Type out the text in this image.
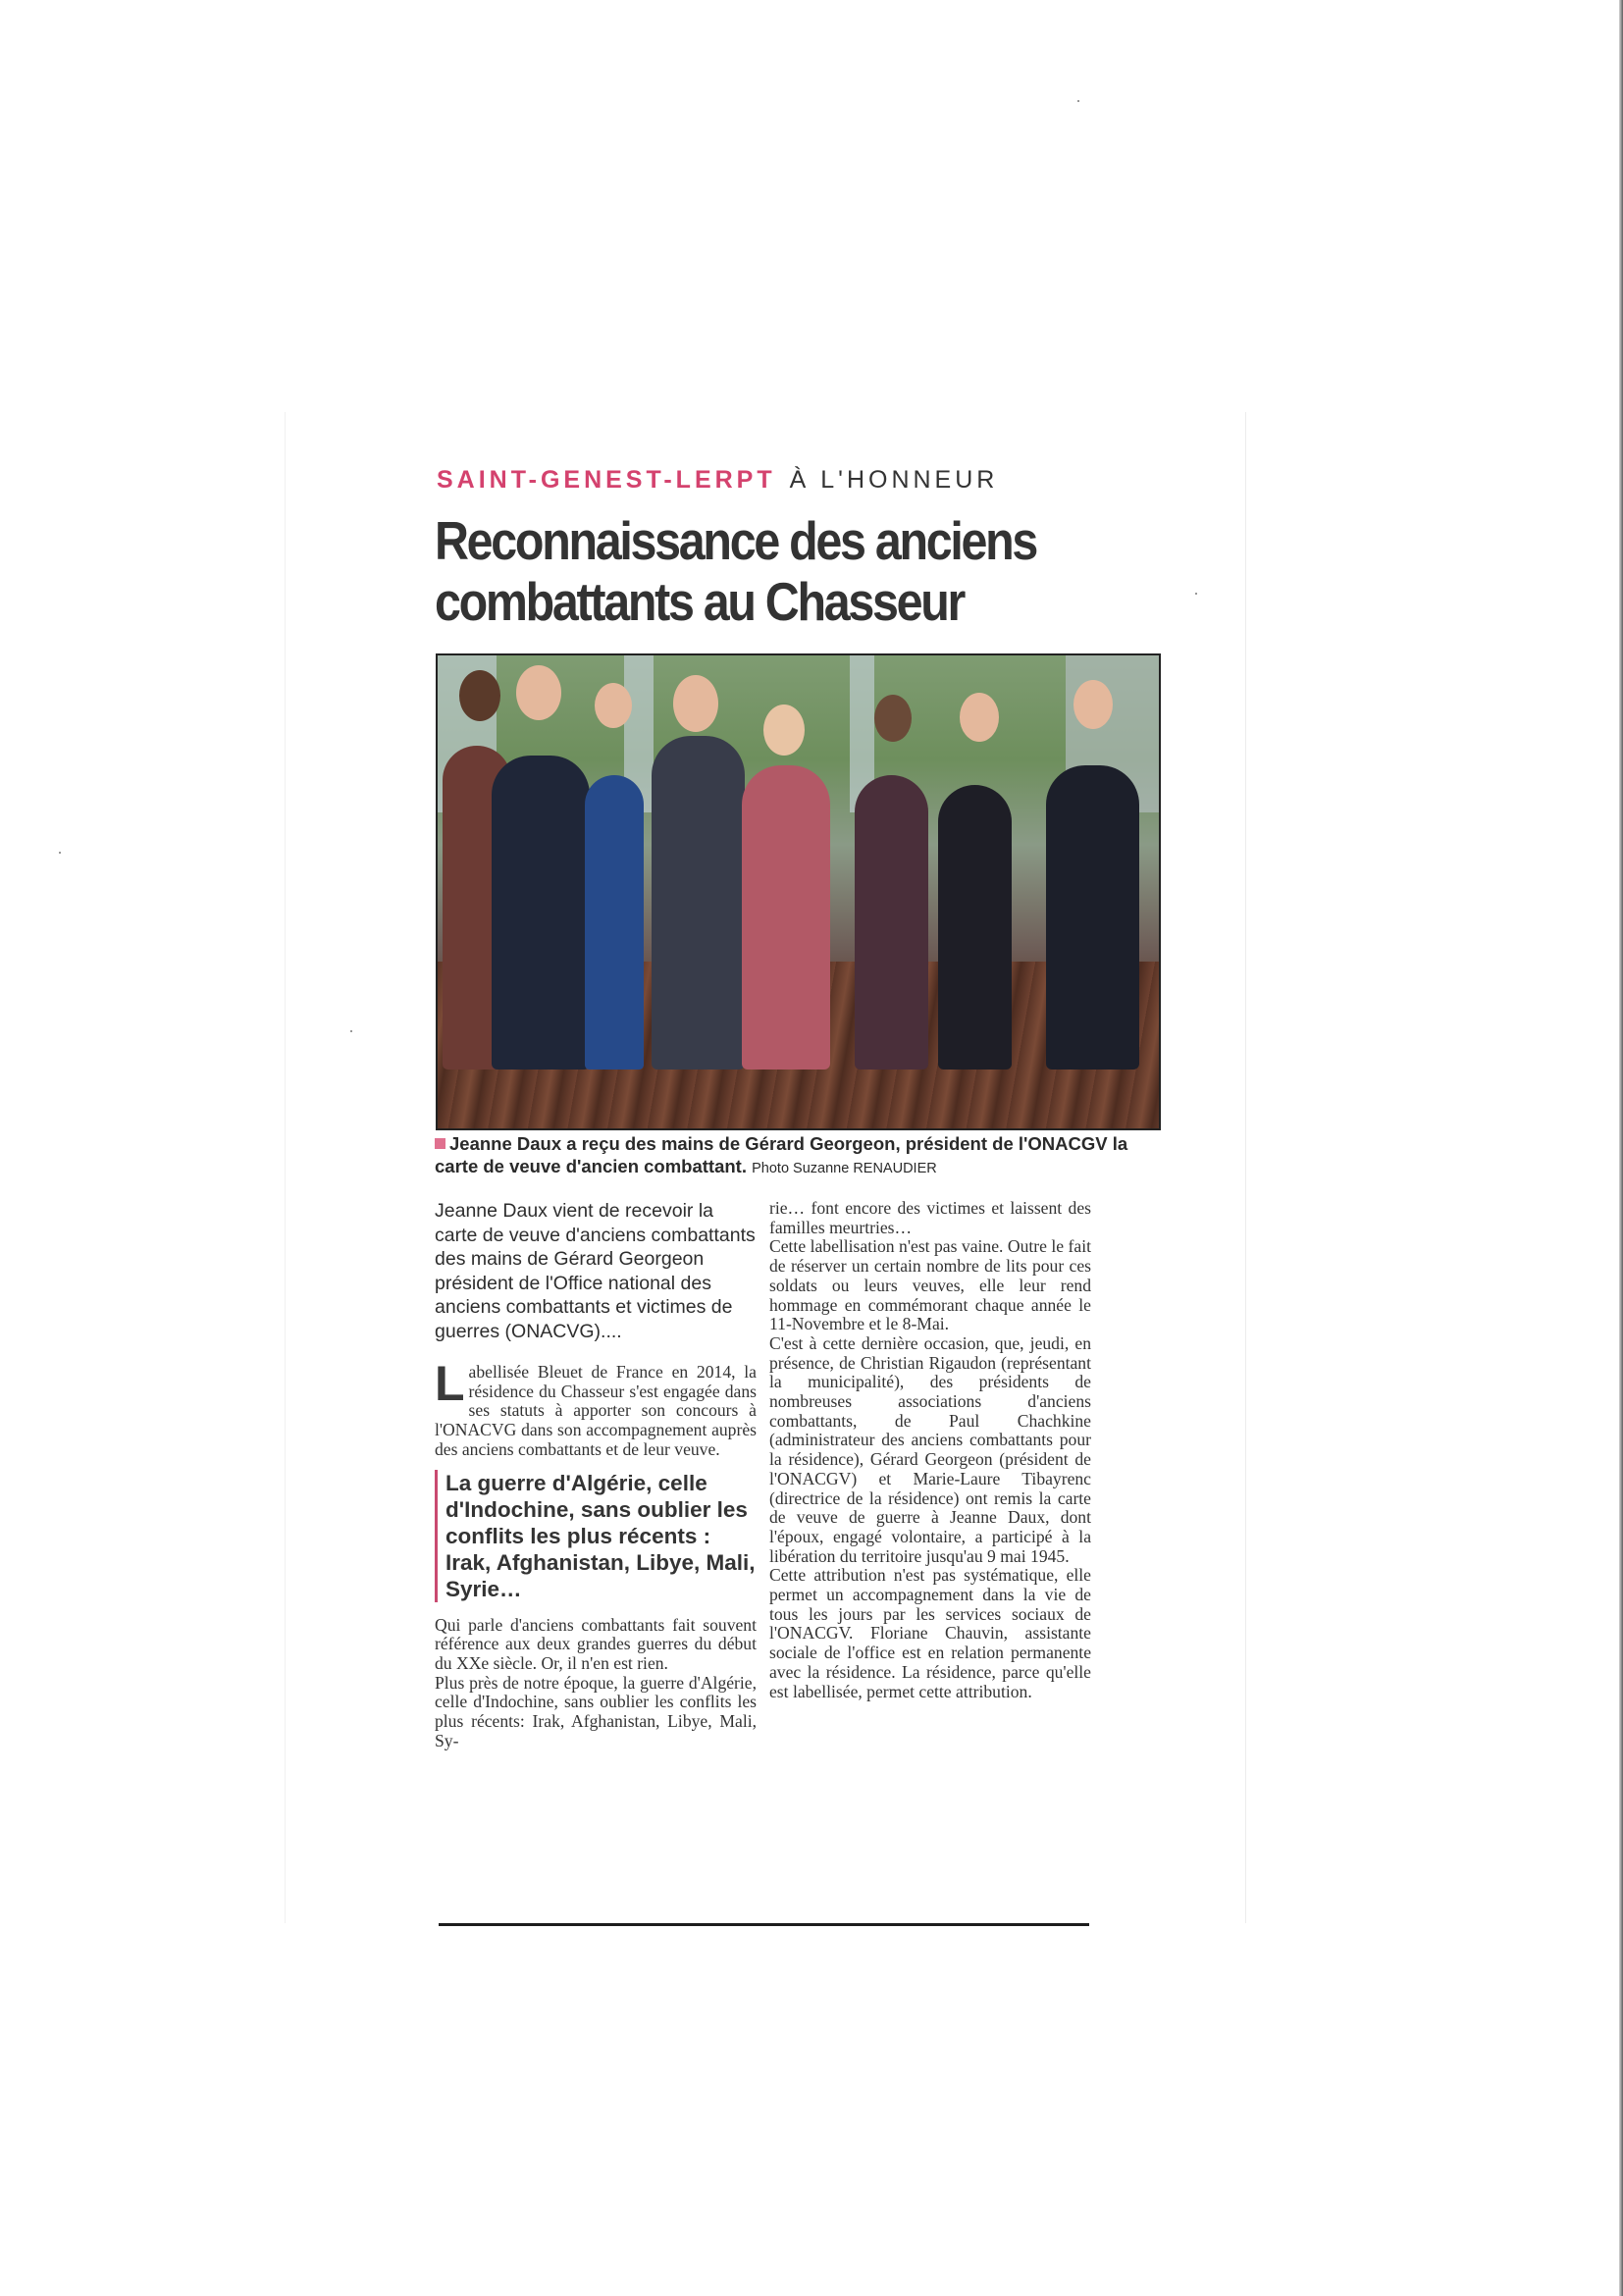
SAINT-GENEST-LERPT À L'HONNEUR
Reconnaissance des anciens combattants au Chasseur
Jeanne Daux a reçu des mains de Gérard Georgeon, président de l'ONACGV la carte de veuve d'ancien combattant. Photo Suzanne RENAUDIER

Jeanne Daux vient de recevoir la carte de veuve d'anciens combattants des mains de Gérard Georgeon président de l'Office national des anciens combattants et victimes de guerres (ONACVG)....

Labellisée Bleuet de France en 2014, la résidence du Chasseur s'est engagée dans ses statuts à apporter son concours à l'ONACVG dans son accompagnement auprès des anciens combattants et de leur veuve.
La guerre d'Algérie, celle d'Indochine, sans oublier les conflits les plus récents : Irak, Afghanistan, Libye, Mali, Syrie…

Qui parle d'anciens combattants fait souvent référence aux deux grandes guerres du début du XXe siècle. Or, il n'en est rien.

Plus près de notre époque, la guerre d'Algérie, celle d'Indochine, sans oublier les conflits les plus récents: Irak, Afghanistan, Libye, Mali, Sy-

rie… font encore des victimes et laissent des familles meurtries…

Cette labellisation n'est pas vaine. Outre le fait de réserver un certain nombre de lits pour ces soldats ou leurs veuves, elle leur rend hommage en commémorant chaque année le 11-Novembre et le 8-Mai.

C'est à cette dernière occasion, que, jeudi, en présence, de Christian Rigaudon (représentant la municipalité), des présidents de nombreuses associations d'anciens combattants, de Paul Chachkine (administrateur des anciens combattants pour la résidence), Gérard Georgeon (président de l'ONACGV) et Marie-Laure Tibayrenc (directrice de la résidence) ont remis la carte de veuve de guerre à Jeanne Daux, dont l'époux, engagé volontaire, a participé à la libération du territoire jusqu'au 9 mai 1945.

Cette attribution n'est pas systématique, elle permet un accompagnement dans la vie de tous les jours par les services sociaux de l'ONACGV. Floriane Chauvin, assistante sociale de l'office est en relation permanente avec la résidence. La résidence, parce qu'elle est labellisée, permet cette attribution.
